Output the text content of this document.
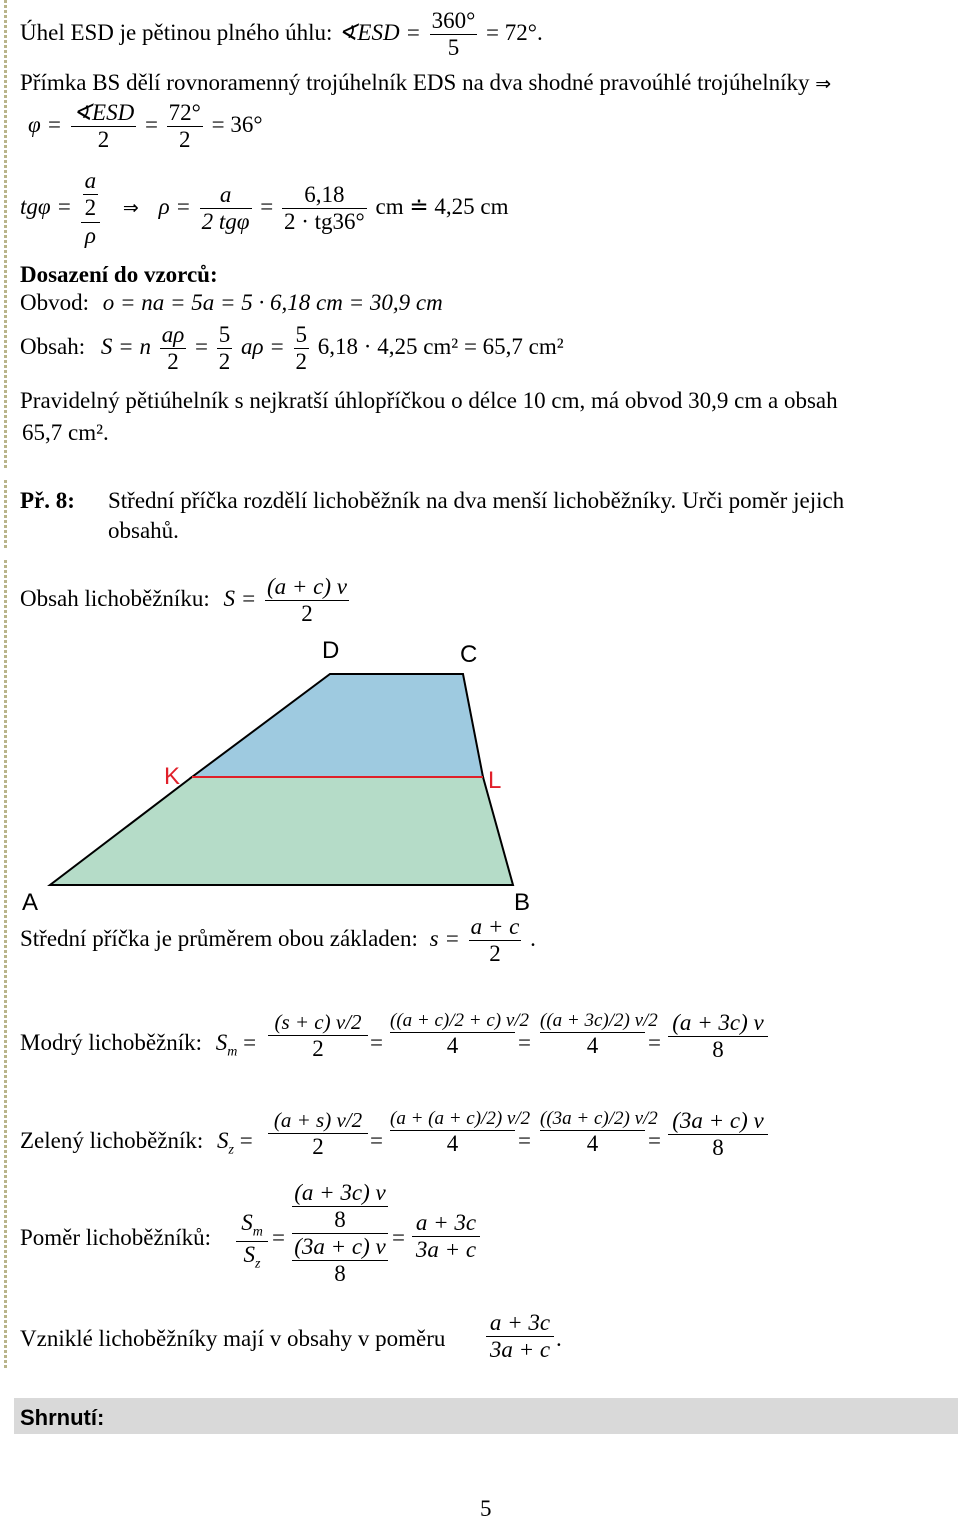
Úhel ESD je pětinou plného úhlu: ∢ESD = $\frac{360^\circ}{5} = 72^\circ$.
Přímka BS dělí rovnoramenný trojúhelník EDS na dva shodné pravoúhlé trojúhelníky ⇒
$\varphi = \frac{\text{∢ESD}}{2} = \frac{72^\circ}{2} = 36^\circ$
$tg\varphi = \frac{\frac{a}{2}}{\rho}$ ⇒ $\rho = \frac{a}{\text{2 tgφ}} = \frac{6,18}{2 \cdot tg36^\circ}$ cm ≐ 4,25 cm
Dosazení do vzorců:
Obvod: o = na = 5a = 5 · 6,18 cm = 30,9 cm
Obsah: S = n $\frac{a\rho}{2} = \frac{5}{2}$ $a\rho = \frac{5}{2} 6,18 \cdot 4,25$ cm² = 65,7 cm²
Pravidelný pětiúhelník s nejkratší úhlopříčkou o délce 10 cm, má obvod 30,9 cm a obsah
65,7 cm².
Př. 8: Střední příčka rozdělí lichoběžník na dva menší lichoběžníky. Urči poměr jejich
obsahů.
Obsah lichoběžníku: $S = \frac{(a + c) v}{2}$
D	C
K	L
A	B
Střední příčka je průměrem obou základen: $s = \frac{a + c}{2}$ .
Modrý lichoběžník: $S_m = \frac{(s + c) v/2}{2}$ =
((a + c)/2 + c) v/2
4	=
((a + 3c)/2) v/2
4	= $\frac{(a + 3c) v}{8}$
Zelený lichoběžník: $S_z = \frac{(a + s) v/2}{2}$ =
(a + (a + c)/2) v/2
4	=
((3a + c)/2) v/2
4	= $\frac{(3a + c) v}{8}$
Poměr lichoběžníků:
$S_m$
$S_z$
=
(a + 3c) v
8
(3a + c) v
8
= $\frac{a + 3c}{3a + c}$
Vzniklé lichoběžníky mají v obsahy v poměru $\frac{a + 3c}{3a + c}$ .
Shrnutí:
5
